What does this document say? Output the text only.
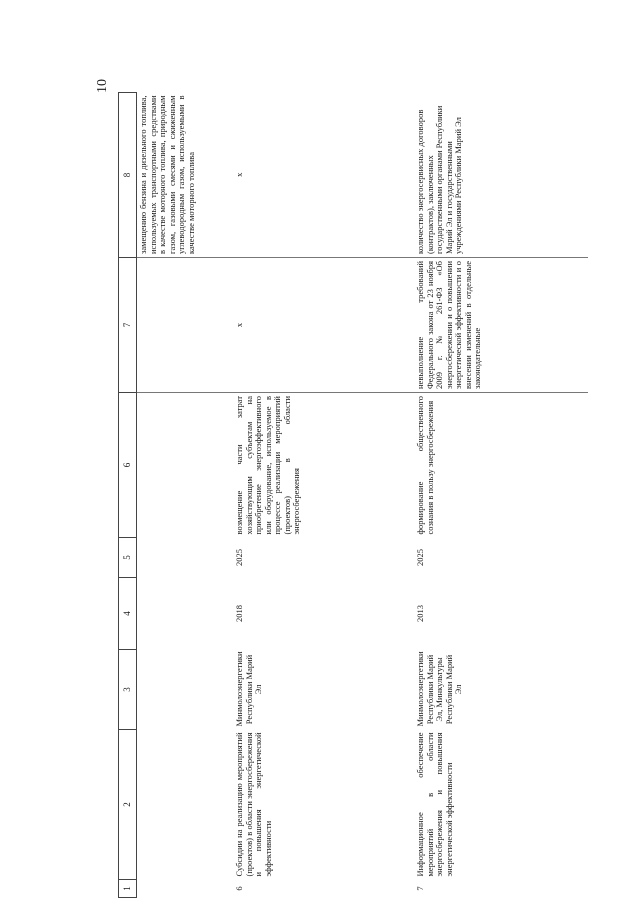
10
1	2	3	4	5	6	7	8
							замещению бензина и дизельного топлива, используемых транспортными средствами в качестве моторного топлива, природным газом, газовыми смесями и сжиженным углеводородным газом, используемыми в качестве моторного топлива
6	Субсидии на реализацию мероприятий (проектов) в области энергосбережения и повышения энергетической эффективности	Минмолоэнергетики Республики Марий Эл	2018	2025	возмещение части затрат хозяйствующим субъектам на приобретение энергоэффективного или оборудование, используемое в процессе реализации мероприятий (проектов) в области энергосбережения	х	х
7	Информационное обеспечение мероприятий в области энергосбережения и повышения энергетической эффективности	Минмолоэнергетики Республики Марий Эл, Минкультуры Республики Марий Эл	2013	2025	формирование общественного сознания в пользу энергосбережения	невыполнение требований Федерального закона от 23 ноября 2009 г. № 261-ФЗ «Об энергосбережении и о повышении энергетической эффективности и о внесении изменений в отдельные законодательные	количество энергосервисных договоров (контрактов), заключенных государственными органами Республики Марий Эл и государственными учреждениями Республики Марий Эл
